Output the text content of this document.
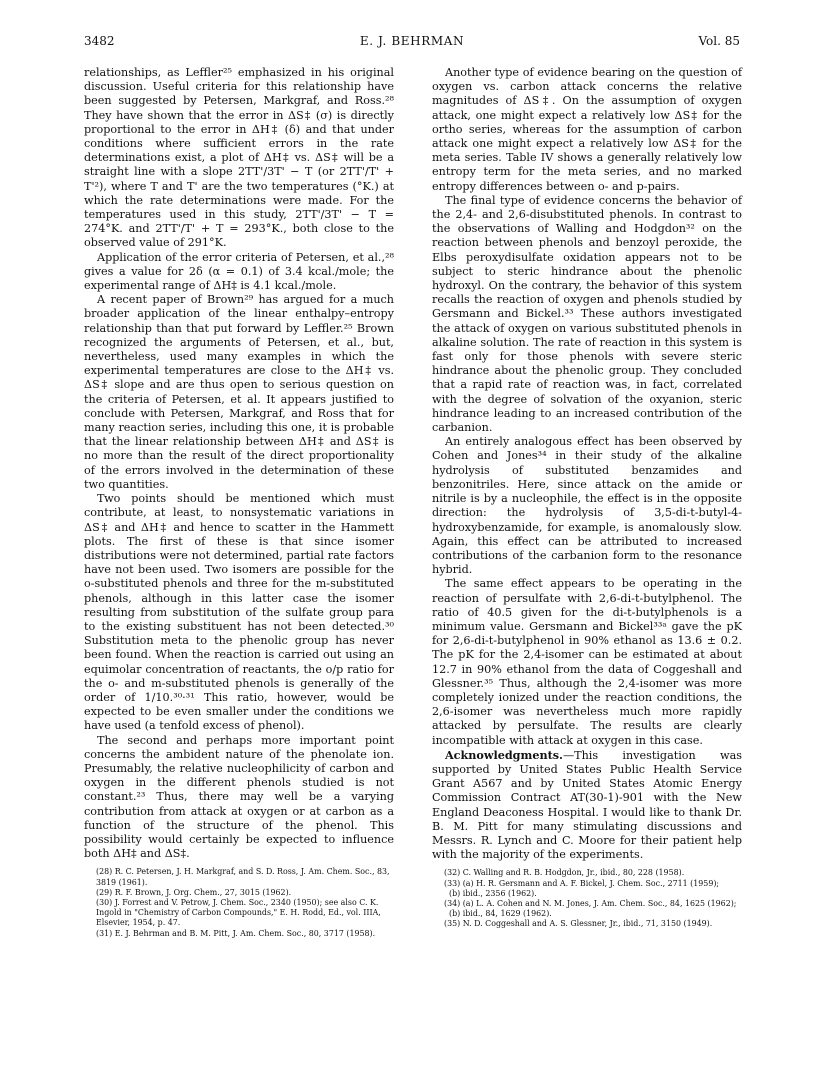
3482	E. J. BEHRMAN	Vol. 85

relationships, as Leffler²⁵ emphasized in his original discussion. Useful criteria for this relationship have been suggested by Petersen, Markgraf, and Ross.²⁸ They have shown that the error in ΔS‡ (σ) is directly proportional to the error in ΔH‡ (δ) and that under conditions where sufficient errors in the rate determinations exist, a plot of ΔH‡ vs. ΔS‡ will be a straight line with a slope 2TT'/3T' − T (or 2TT'/T' + T'²), where T and T' are the two temperatures (°K.) at which the rate determinations were made. For the temperatures used in this study, 2TT'/3T' − T = 274°K. and 2TT'/T' + T = 293°K., both close to the observed value of 291°K.

Application of the error criteria of Petersen, et al.,²⁸ gives a value for 2δ (α = 0.1) of 3.4 kcal./mole; the experimental range of ΔH‡ is 4.1 kcal./mole.

A recent paper of Brown²⁹ has argued for a much broader application of the linear enthalpy–entropy relationship than that put forward by Leffler.²⁵ Brown recognized the arguments of Petersen, et al., but, nevertheless, used many examples in which the experimental temperatures are close to the ΔH‡ vs. ΔS‡ slope and are thus open to serious question on the criteria of Petersen, et al. It appears justified to conclude with Petersen, Markgraf, and Ross that for many reaction series, including this one, it is probable that the linear relationship between ΔH‡ and ΔS‡ is no more than the result of the direct proportionality of the errors involved in the determination of these two quantities.

Two points should be mentioned which must contribute, at least, to nonsystematic variations in ΔS‡ and ΔH‡ and hence to scatter in the Hammett plots. The first of these is that since isomer distributions were not determined, partial rate factors have not been used. Two isomers are possible for the o-substituted phenols and three for the m-substituted phenols, although in this latter case the isomer resulting from substitution of the sulfate group para to the existing substituent has not been detected.³⁰ Substitution meta to the phenolic group has never been found. When the reaction is carried out using an equimolar concentration of reactants, the o/p ratio for the o- and m-substituted phenols is generally of the order of 1/10.³⁰·³¹ This ratio, however, would be expected to be even smaller under the conditions we have used (a tenfold excess of phenol).

The second and perhaps more important point concerns the ambident nature of the phenolate ion. Presumably, the relative nucleophilicity of carbon and oxygen in the different phenols studied is not constant.²³ Thus, there may well be a varying contribution from attack at oxygen or at carbon as a function of the structure of the phenol. This possibility would certainly be expected to influence both ΔH‡ and ΔS‡.

(28) R. C. Petersen, J. H. Markgraf, and S. D. Ross, J. Am. Chem. Soc., 83, 3819 (1961).

(29) R. F. Brown, J. Org. Chem., 27, 3015 (1962).

(30) J. Forrest and V. Petrow, J. Chem. Soc., 2340 (1950); see also C. K. Ingold in "Chemistry of Carbon Compounds," E. H. Rodd, Ed., vol. IIIA, Elsevier, 1954, p. 47.

(31) E. J. Behrman and B. M. Pitt, J. Am. Chem. Soc., 80, 3717 (1958).

Another type of evidence bearing on the question of oxygen vs. carbon attack concerns the relative magnitudes of ΔS‡. On the assumption of oxygen attack, one might expect a relatively low ΔS‡ for the ortho series, whereas for the assumption of carbon attack one might expect a relatively low ΔS‡ for the meta series. Table IV shows a generally relatively low entropy term for the meta series, and no marked entropy differences between o- and p-pairs.

The final type of evidence concerns the behavior of the 2,4- and 2,6-disubstituted phenols. In contrast to the observations of Walling and Hodgdon³² on the reaction between phenols and benzoyl peroxide, the Elbs peroxydisulfate oxidation appears not to be subject to steric hindrance about the phenolic hydroxyl. On the contrary, the behavior of this system recalls the reaction of oxygen and phenols studied by Gersmann and Bickel.³³ These authors investigated the attack of oxygen on various substituted phenols in alkaline solution. The rate of reaction in this system is fast only for those phenols with severe steric hindrance about the phenolic group. They concluded that a rapid rate of reaction was, in fact, correlated with the degree of solvation of the oxyanion, steric hindrance leading to an increased contribution of the carbanion.

An entirely analogous effect has been observed by Cohen and Jones³⁴ in their study of the alkaline hydrolysis of substituted benzamides and benzonitriles. Here, since attack on the amide or nitrile is by a nucleophile, the effect is in the opposite direction: the hydrolysis of 3,5-di-t-butyl-4-hydroxybenzamide, for example, is anomalously slow. Again, this effect can be attributed to increased contributions of the carbanion form to the resonance hybrid.

The same effect appears to be operating in the reaction of persulfate with 2,6-di-t-butylphenol. The ratio of 40.5 given for the di-t-butylphenols is a minimum value. Gersmann and Bickel³³ᵃ gave the pK for 2,6-di-t-butylphenol in 90% ethanol as 13.6 ± 0.2. The pK for the 2,4-isomer can be estimated at about 12.7 in 90% ethanol from the data of Coggeshall and Glessner.³⁵ Thus, although the 2,4-isomer was more completely ionized under the reaction conditions, the 2,6-isomer was nevertheless much more rapidly attacked by persulfate. The results are clearly incompatible with attack at oxygen in this case.

Acknowledgments.—This investigation was supported by United States Public Health Service Grant A567 and by United States Atomic Energy Commission Contract AT(30-1)-901 with the New England Deaconess Hospital. I would like to thank Dr. B. M. Pitt for many stimulating discussions and Messrs. R. Lynch and C. Moore for their patient help with the majority of the experiments.

(32) C. Walling and R. B. Hodgdon, Jr., ibid., 80, 228 (1958).

(33) (a) H. R. Gersmann and A. F. Bickel, J. Chem. Soc., 2711 (1959);

(b) ibid., 2356 (1962).

(34) (a) L. A. Cohen and N. M. Jones, J. Am. Chem. Soc., 84, 1625 (1962);

(b) ibid., 84, 1629 (1962).

(35) N. D. Coggeshall and A. S. Glessner, Jr., ibid., 71, 3150 (1949).
